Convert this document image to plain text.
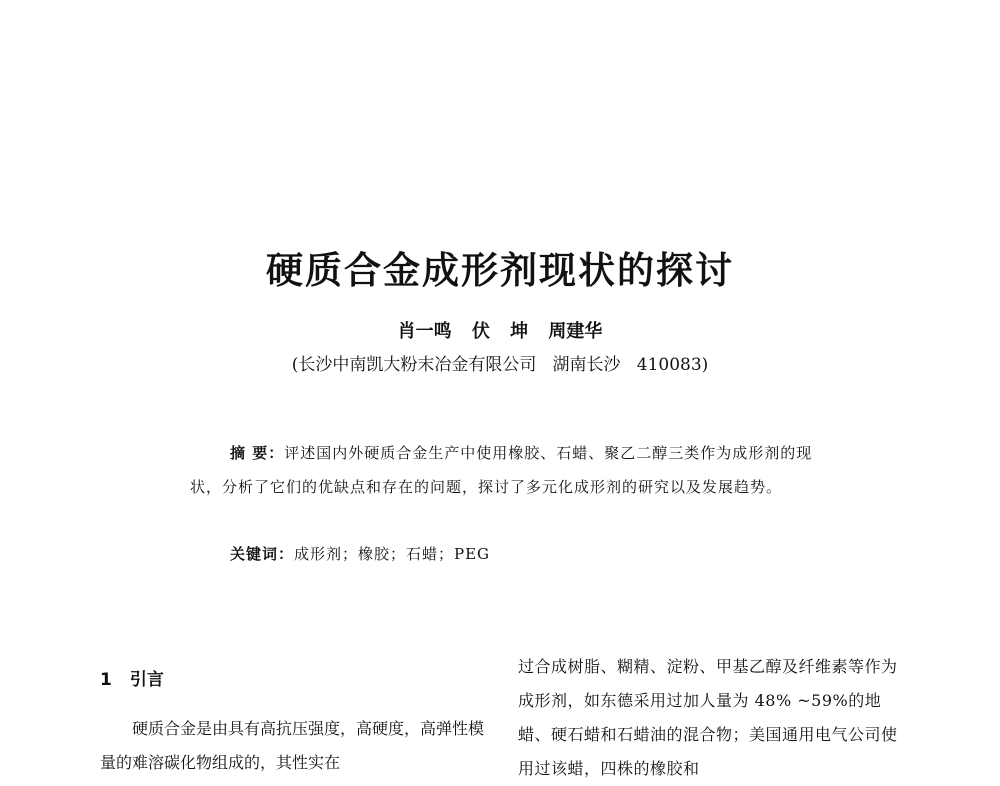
硬质合金成形剂现状的探讨
肖一鸣 伏 坤 周建华
(长沙中南凯大粉末冶金有限公司   湖南长沙   410083)
摘 要：评述国内外硬质合金生产中使用橡胶、石蜡、聚乙二醇三类作为成形剂的现状，分析了它们的优缺点和存在的问题，探讨了多元化成形剂的研究以及发展趋势。
关键词：成形剂；橡胶；石蜡；PEG
1 引言

硬质合金是由具有高抗压强度，高硬度，高弹性模量的难溶碳化物组成的，其性实在

过合成树脂、糊精、淀粉、甲基乙醇及纤维素等作为成形剂，如东德采用过加人量为 48% ~59%的地蜡、硬石蜡和石蜡油的混合物；美国通用电气公司使用过该蜡，四株的橡胶和
